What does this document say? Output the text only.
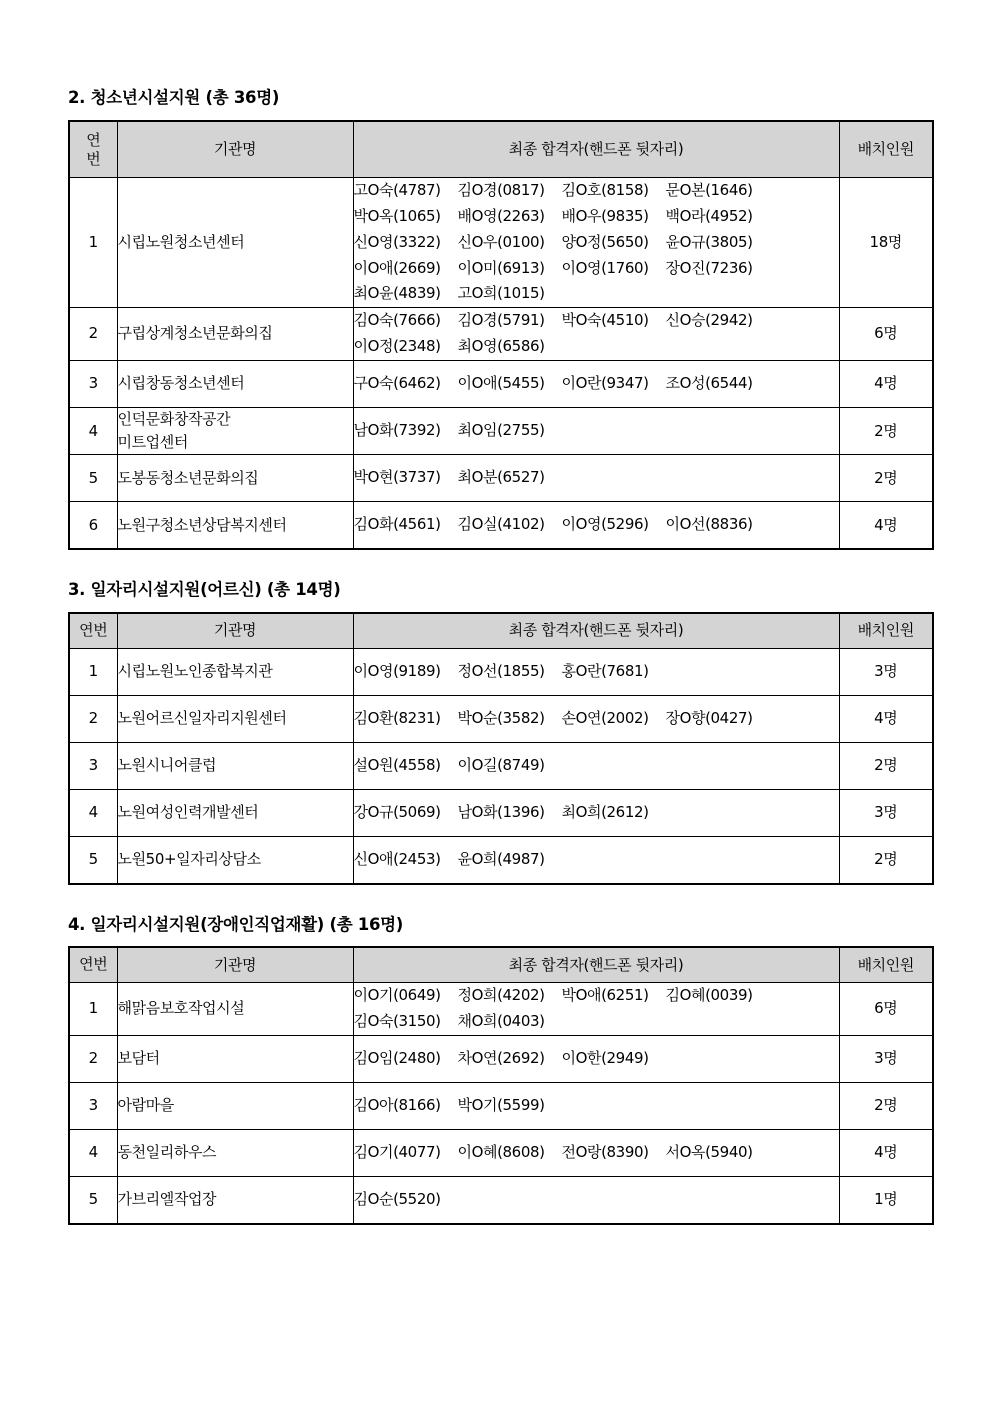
2. 청소년시설지원 (총 36명)
연
번	기관명	최종 합격자(핸드폰 뒷자리)	배치인원
1	시립노원청소년센터	고O숙(4787) 김O경(0817) 김O호(8158) 문O본(1646)
박O옥(1065) 배O영(2263) 배O우(9835) 백O라(4952)
신O영(3322) 신O우(0100) 양O정(5650) 윤O규(3805)
이O애(2669) 이O미(6913) 이O영(1760) 장O진(7236)
최O윤(4839) 고O희(1015)	18명
2	구립상계청소년문화의집	김O숙(7666) 김O경(5791) 박O숙(4510) 신O승(2942)
이O정(2348) 최O영(6586)	6명
3	시립창동청소년센터	구O숙(6462) 이O애(5455) 이O란(9347) 조O성(6544)	4명
4	인덕문화창작공간
미트업센터	남O화(7392) 최O임(2755)	2명
5	도봉동청소년문화의집	박O현(3737) 최O분(6527)	2명
6	노원구청소년상담복지센터	김O화(4561) 김O실(4102) 이O영(5296) 이O선(8836)	4명
3. 일자리시설지원(어르신) (총 14명)
연번	기관명	최종 합격자(핸드폰 뒷자리)	배치인원
1	시립노원노인종합복지관	이O영(9189) 정O선(1855) 홍O란(7681)	3명
2	노원어르신일자리지원센터	김O환(8231) 박O순(3582) 손O연(2002) 장O향(0427)	4명
3	노원시니어클럽	설O원(4558) 이O길(8749)	2명
4	노원여성인력개발센터	강O규(5069) 남O화(1396) 최O희(2612)	3명
5	노원50+일자리상담소	신O애(2453) 윤O희(4987)	2명
4. 일자리시설지원(장애인직업재활) (총 16명)
연번	기관명	최종 합격자(핸드폰 뒷자리)	배치인원
1	해맑음보호작업시설	이O기(0649) 정O희(4202) 박O애(6251) 김O혜(0039)
김O숙(3150) 채O희(0403)	6명
2	보담터	김O임(2480) 차O연(2692) 이O한(2949)	3명
3	아람마을	김O아(8166) 박O기(5599)	2명
4	동천일리하우스	김O기(4077) 이O혜(8608) 전O랑(8390) 서O옥(5940)	4명
5	가브리엘작업장	김O순(5520)	1명
